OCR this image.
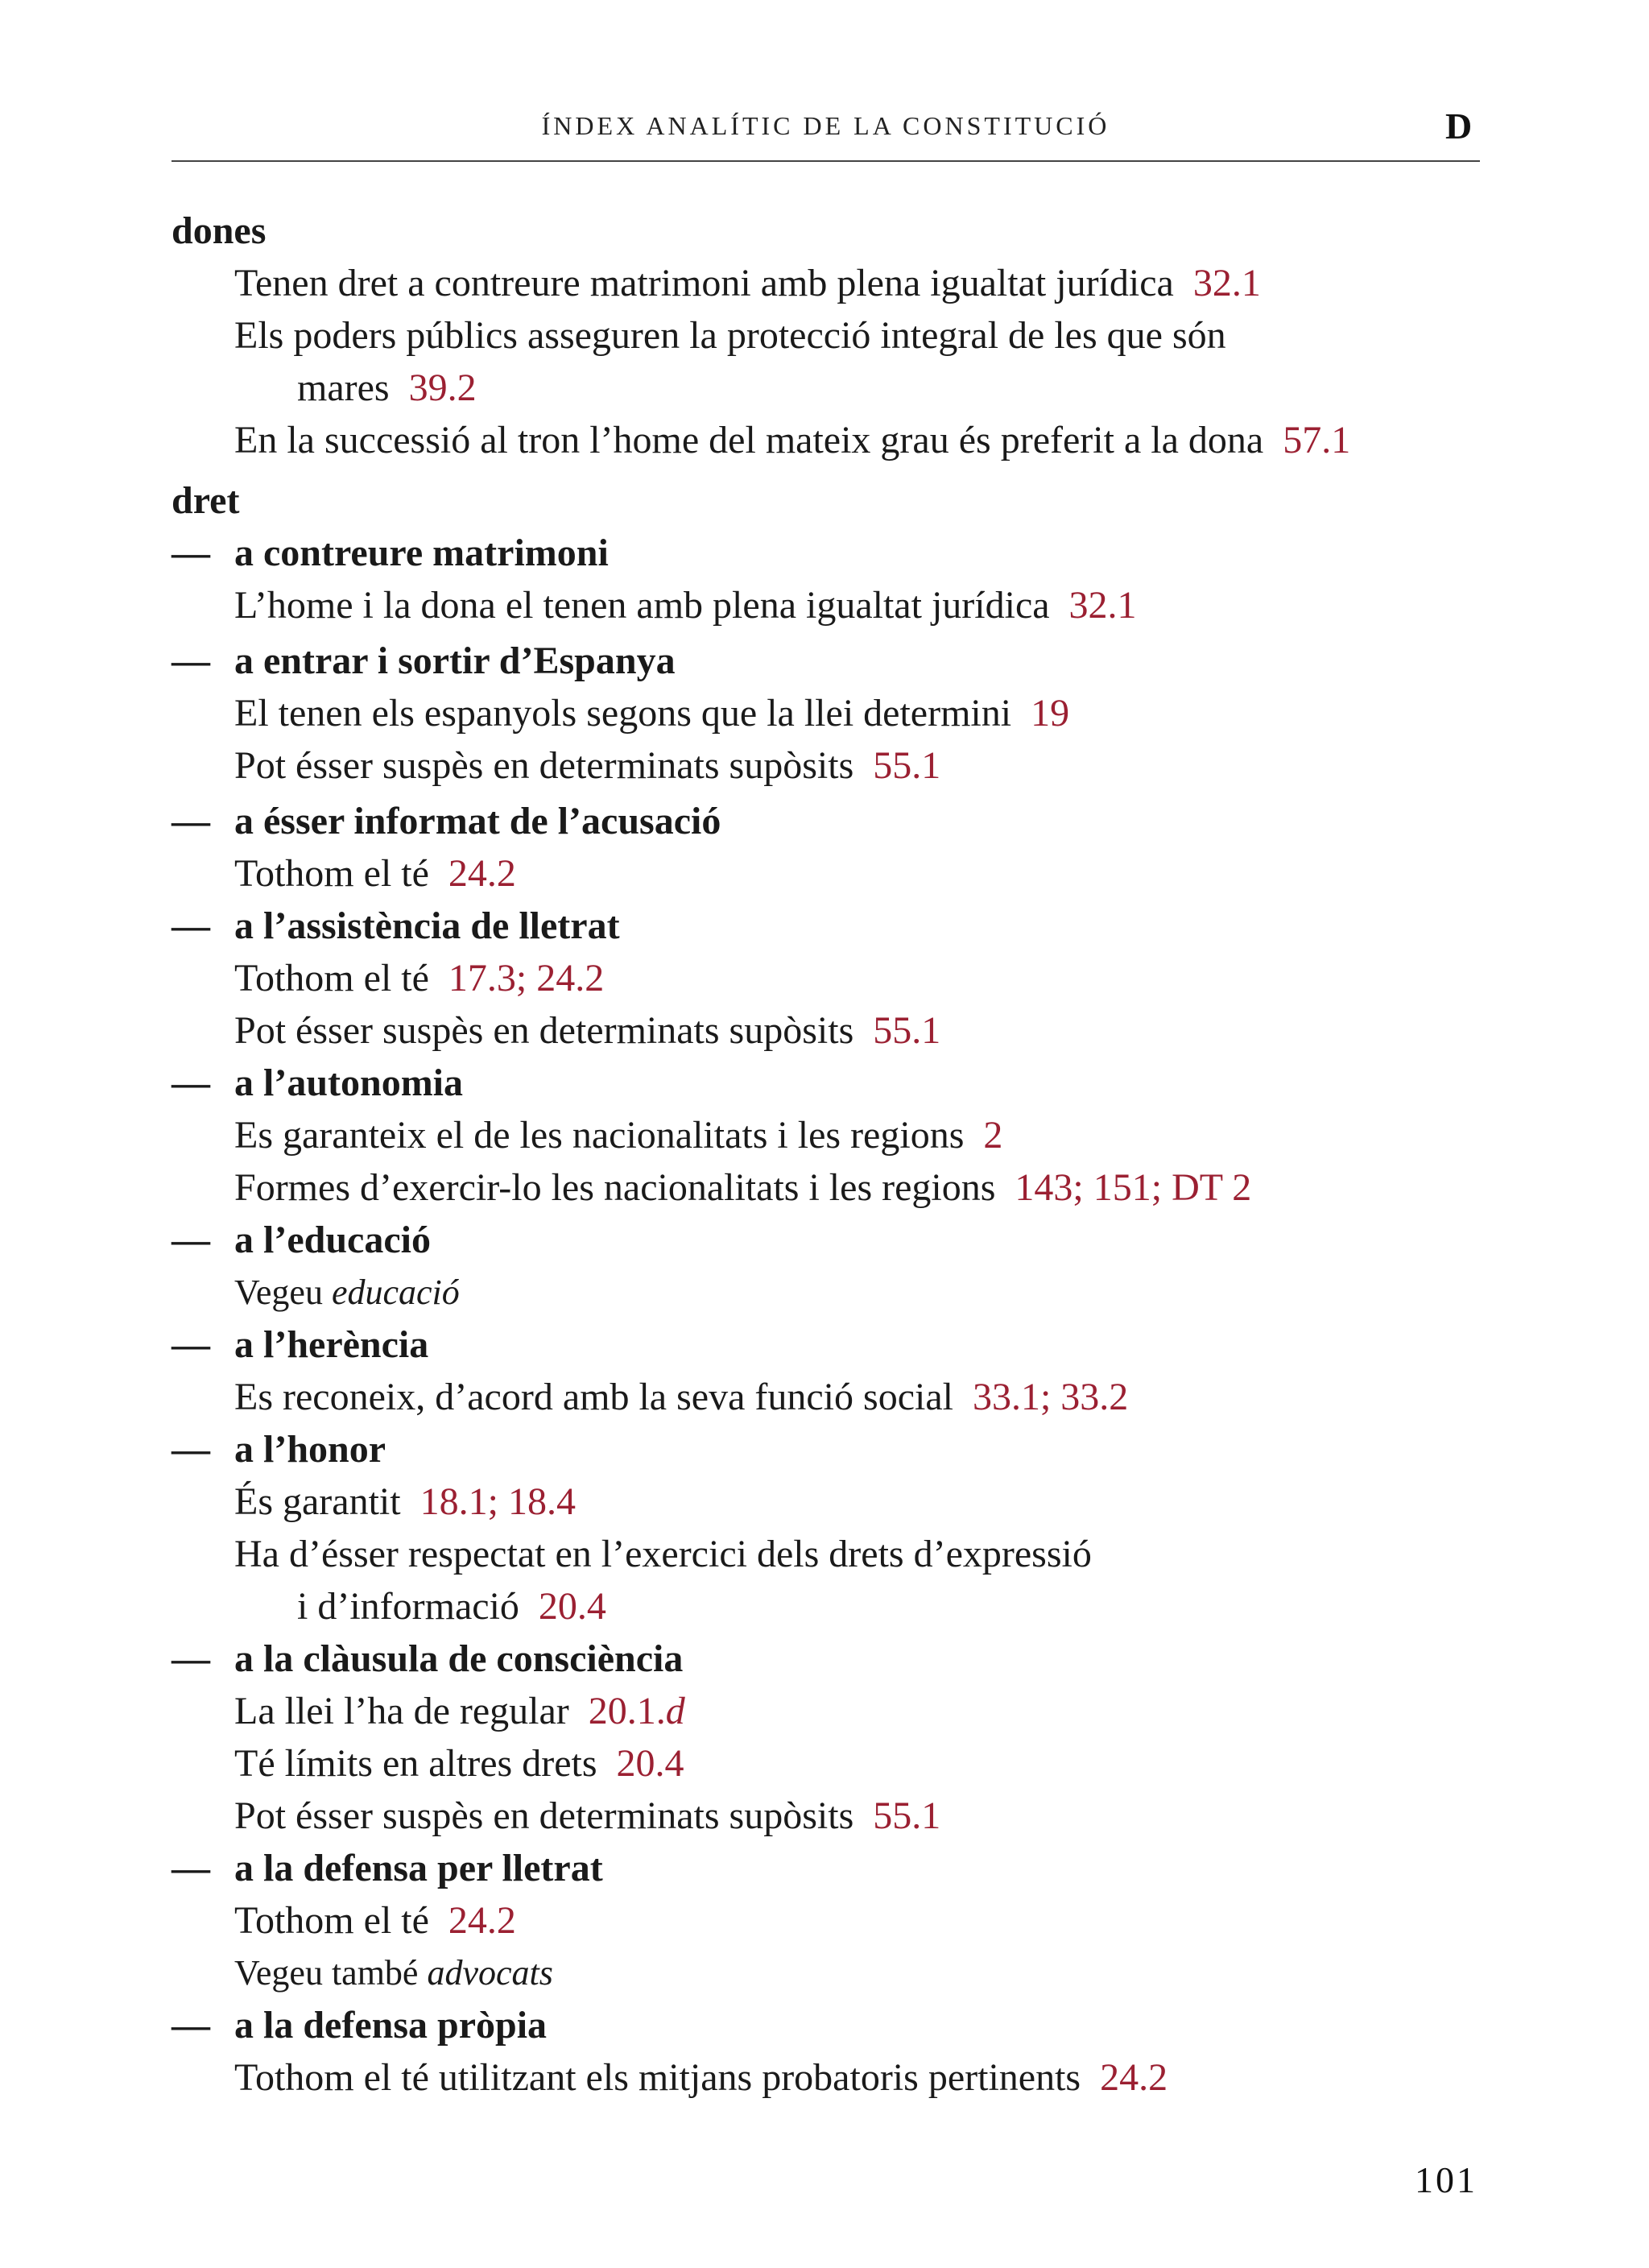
ÍNDEX ANALÍTIC DE LA CONSTITUCIÓ	D
dones
Tenen dret a contreure matrimoni amb plena igualtat jurídica 32.1
Els poders públics asseguren la protecció integral de les que són
mares 39.2
En la successió al tron l’home del mateix grau és preferit a la dona 57.1
dret
— a contreure matrimoni
L’home i la dona el tenen amb plena igualtat jurídica 32.1
— a entrar i sortir d’Espanya
El tenen els espanyols segons que la llei determini 19
Pot ésser suspès en determinats supòsits 55.1
— a ésser informat de l’acusació
Tothom el té 24.2
— a l’assistència de lletrat
Tothom el té 17.3; 24.2
Pot ésser suspès en determinats supòsits 55.1
— a l’autonomia
Es garanteix el de les nacionalitats i les regions 2
Formes d’exercir-lo les nacionalitats i les regions 143; 151; DT 2
— a l’educació
Vegeu educació
— a l’herència
Es reconeix, d’acord amb la seva funció social 33.1; 33.2
— a l’honor
És garantit 18.1; 18.4
Ha d’ésser respectat en l’exercici dels drets d’expressió
i d’informació 20.4
— a la clàusula de consciència
La llei l’ha de regular 20.1.d
Té límits en altres drets 20.4
Pot ésser suspès en determinats supòsits 55.1
— a la defensa per lletrat
Tothom el té 24.2
Vegeu també advocats
— a la defensa pròpia
Tothom el té utilitzant els mitjans probatoris pertinents 24.2
101
